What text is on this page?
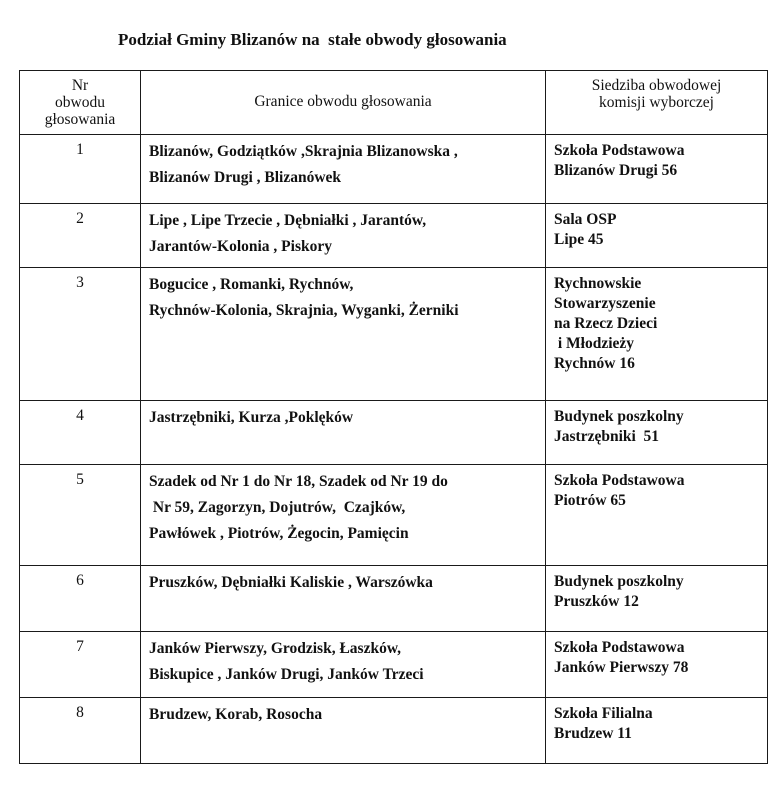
Podział Gminy Blizanów na  stałe obwody głosowania
Nr
obwodu
głosowania	Granice obwodu głosowania	Siedziba obwodowej
komisji wyborczej

1	Blizanów, Godziątków ,Skrajnia Blizanowska ,
Blizanów Drugi , Blizanówek	Szkoła Podstawowa
Blizanów Drugi 56

2	Lipe , Lipe Trzecie , Dębniałki , Jarantów,
Jarantów-Kolonia , Piskory	Sala OSP
Lipe 45

3	Bogucice , Romanki, Rychnów,
Rychnów-Kolonia, Skrajnia, Wyganki, Żerniki	Rychnowskie
Stowarzyszenie
na Rzecz Dzieci
i Młodzieży
Rychnów 16

4	Jastrzębniki, Kurza ,Poklęków	Budynek poszkolny
Jastrzębniki  51

5	Szadek od Nr 1 do Nr 18, Szadek od Nr 19 do
Nr 59, Zagorzyn, Dojutrów,  Czajków,
Pawłówek , Piotrów, Żegocin, Pamięcin	Szkoła Podstawowa
Piotrów 65

6	Pruszków, Dębniałki Kaliskie , Warszówka	Budynek poszkolny
Pruszków 12

7	Janków Pierwszy, Grodzisk, Łaszków,
Biskupice , Janków Drugi, Janków Trzeci	Szkoła Podstawowa
Janków Pierwszy 78

8	Brudzew, Korab, Rosocha	Szkoła Filialna
Brudzew 11
